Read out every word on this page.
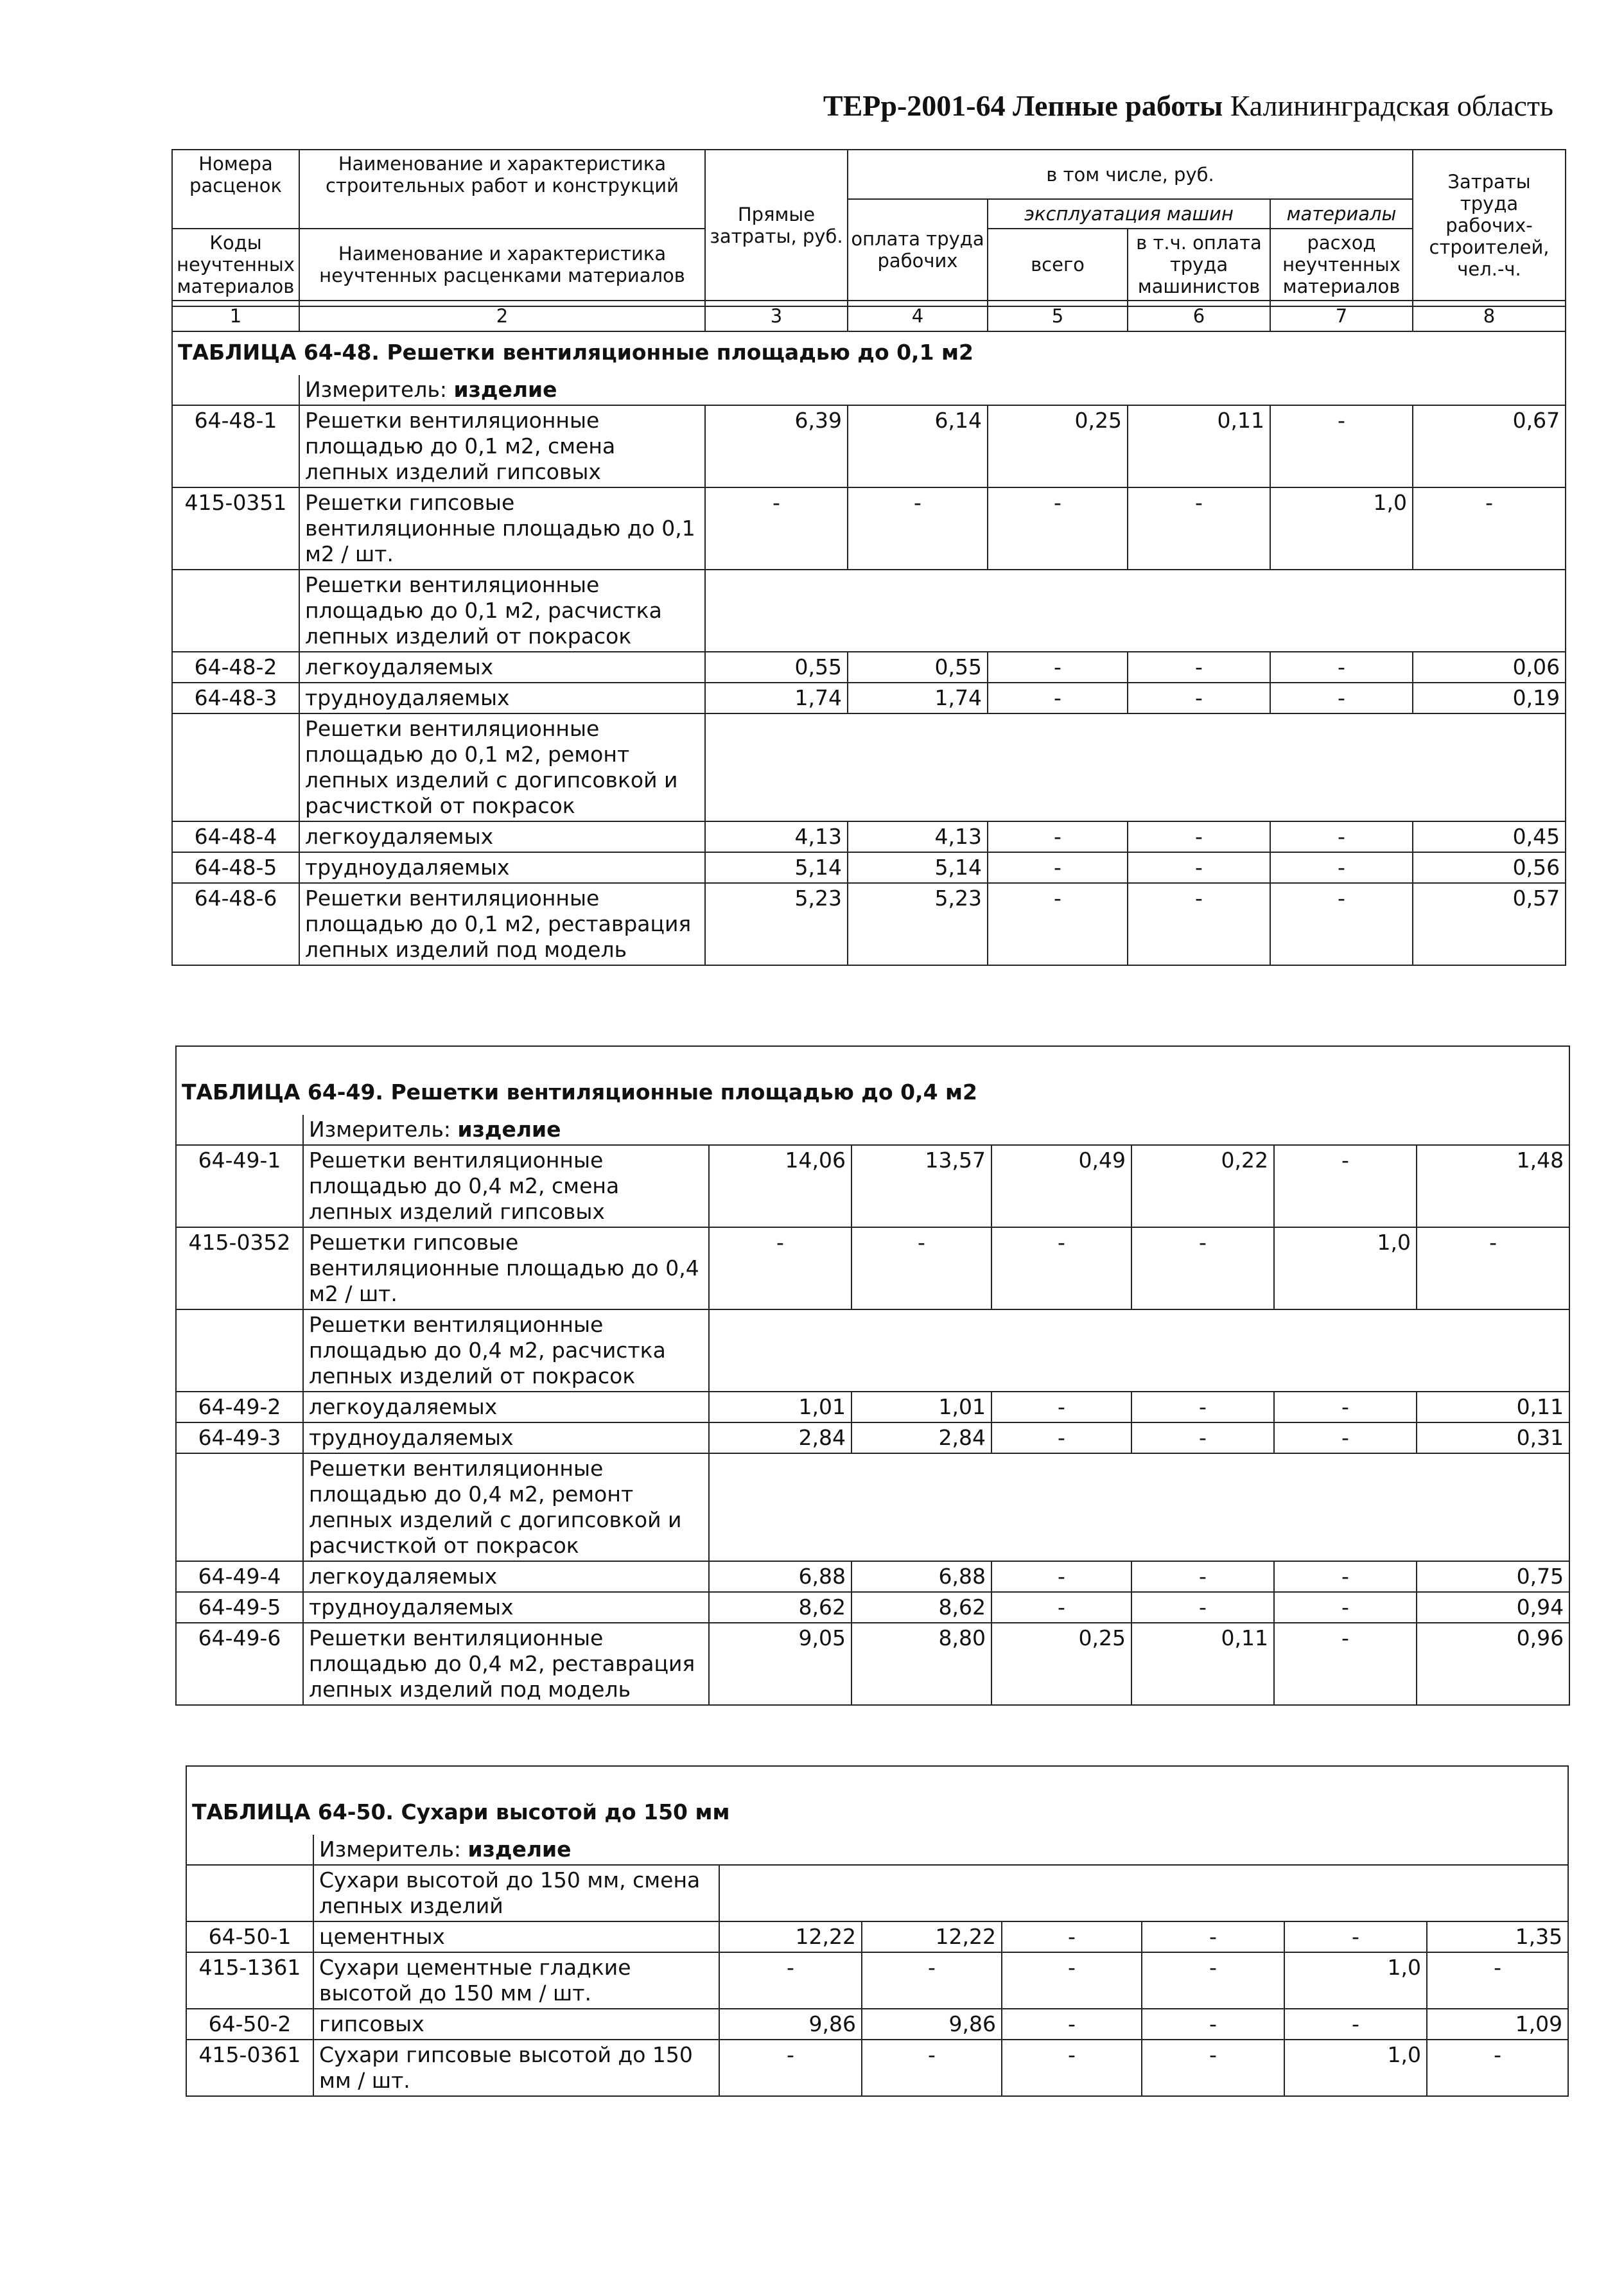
ТЕРр-2001-64 Лепные работы Калининградская область
Номера расценок	Наименование и характеристика строительных работ и конструкций	Прямые затраты, руб.	в том числе, руб.				Затраты труда рабочих-строителей, чел.-ч.
			оплата труда рабочих	эксплуатация машин		материалы	
Коды неучтенных материалов	Наименование и характеристика неучтенных расценками материалов			всего	в т.ч. оплата труда машинистов	расход неучтенных материалов	
1	2	3	4	5	6	7	8
ТАБЛИЦА 64-48. Решетки вентиляционные площадью до 0,1 м2							
	Измеритель: изделие						
64-48-1	Решетки вентиляционные площадью до 0,1 м2, смена лепных изделий гипсовых	6,39	6,14	0,25	0,11	-	0,67
415-0351	Решетки гипсовые вентиляционные площадью до 0,1 м2 / шт.	-	-	-	-	1,0	-
	Решетки вентиляционные площадью до 0,1 м2, расчистка лепных изделий от покрасок						
64-48-2	легкоудаляемых	0,55	0,55	-	-	-	0,06
64-48-3	трудноудаляемых	1,74	1,74	-	-	-	0,19
	Решетки вентиляционные площадью до 0,1 м2, ремонт лепных изделий с догипсовкой и расчисткой от покрасок						
64-48-4	легкоудаляемых	4,13	4,13	-	-	-	0,45
64-48-5	трудноудаляемых	5,14	5,14	-	-	-	0,56
64-48-6	Решетки вентиляционные площадью до 0,1 м2, реставрация лепных изделий под модель	5,23	5,23	-	-	-	0,57
ТАБЛИЦА 64-49. Решетки вентиляционные площадью до 0,4 м2							
	Измеритель: изделие						
64-49-1	Решетки вентиляционные площадью до 0,4 м2, смена лепных изделий гипсовых	14,06	13,57	0,49	0,22	-	1,48
415-0352	Решетки гипсовые вентиляционные площадью до 0,4 м2 / шт.	-	-	-	-	1,0	-
	Решетки вентиляционные площадью до 0,4 м2, расчистка лепных изделий от покрасок						
64-49-2	легкоудаляемых	1,01	1,01	-	-	-	0,11
64-49-3	трудноудаляемых	2,84	2,84	-	-	-	0,31
	Решетки вентиляционные площадью до 0,4 м2, ремонт лепных изделий с догипсовкой и расчисткой от покрасок						
64-49-4	легкоудаляемых	6,88	6,88	-	-	-	0,75
64-49-5	трудноудаляемых	8,62	8,62	-	-	-	0,94
64-49-6	Решетки вентиляционные площадью до 0,4 м2, реставрация лепных изделий под модель	9,05	8,80	0,25	0,11	-	0,96
ТАБЛИЦА 64-50. Сухари высотой до 150 мм							
	Измеритель: изделие						
	Сухари высотой до 150 мм, смена лепных изделий						
64-50-1	цементных	12,22	12,22	-	-	-	1,35
415-1361	Сухари цементные гладкие высотой до 150 мм / шт.	-	-	-	-	1,0	-
64-50-2	гипсовых	9,86	9,86	-	-	-	1,09
415-0361	Сухари гипсовые высотой до 150 мм / шт.	-	-	-	-	1,0	-
